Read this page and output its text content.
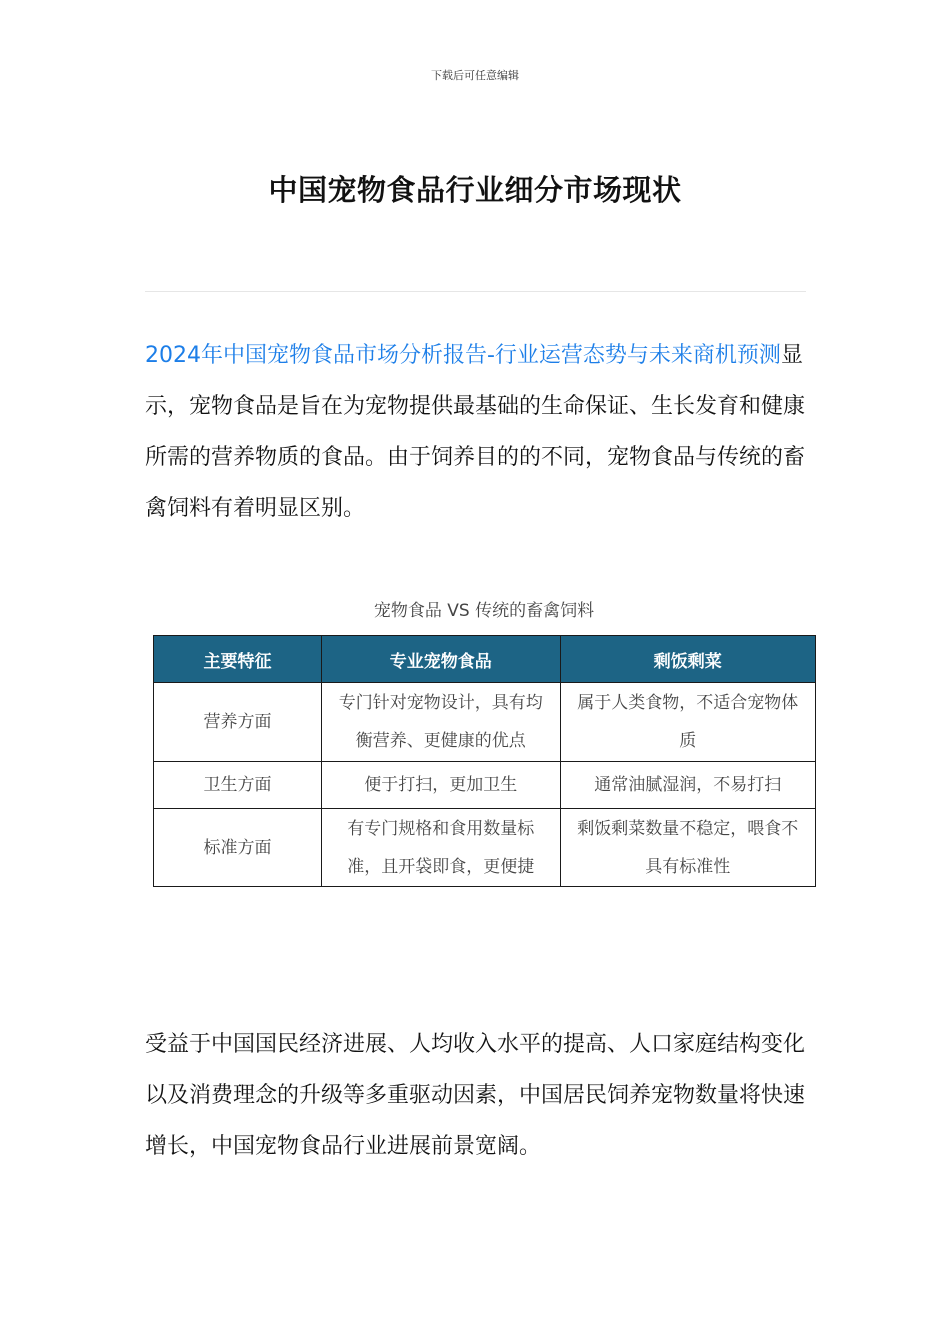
下载后可任意编辑
中国宠物食品行业细分市场现状

2024年中国宠物食品市场分析报告-行业运营态势与未来商机预测显示，宠物食品是旨在为宠物提供最基础的生命保证、生长发育和健康所需的营养物质的食品。由于饲养目的的不同，宠物食品与传统的畜禽饲料有着明显区别。

宠物食品 VS 传统的畜禽饲料
主要特征	专业宠物食品	剩饭剩菜
营养方面	专门针对宠物设计，具有均衡营养、更健康的优点	属于人类食物，不适合宠物体质
卫生方面	便于打扫，更加卫生	通常油腻湿润，不易打扫
标准方面	有专门规格和食用数量标准，且开袋即食，更便捷	剩饭剩菜数量不稳定，喂食不具有标准性

受益于中国国民经济进展、人均收入水平的提高、人口家庭结构变化以及消费理念的升级等多重驱动因素，中国居民饲养宠物数量将快速增长，中国宠物食品行业进展前景宽阔。
